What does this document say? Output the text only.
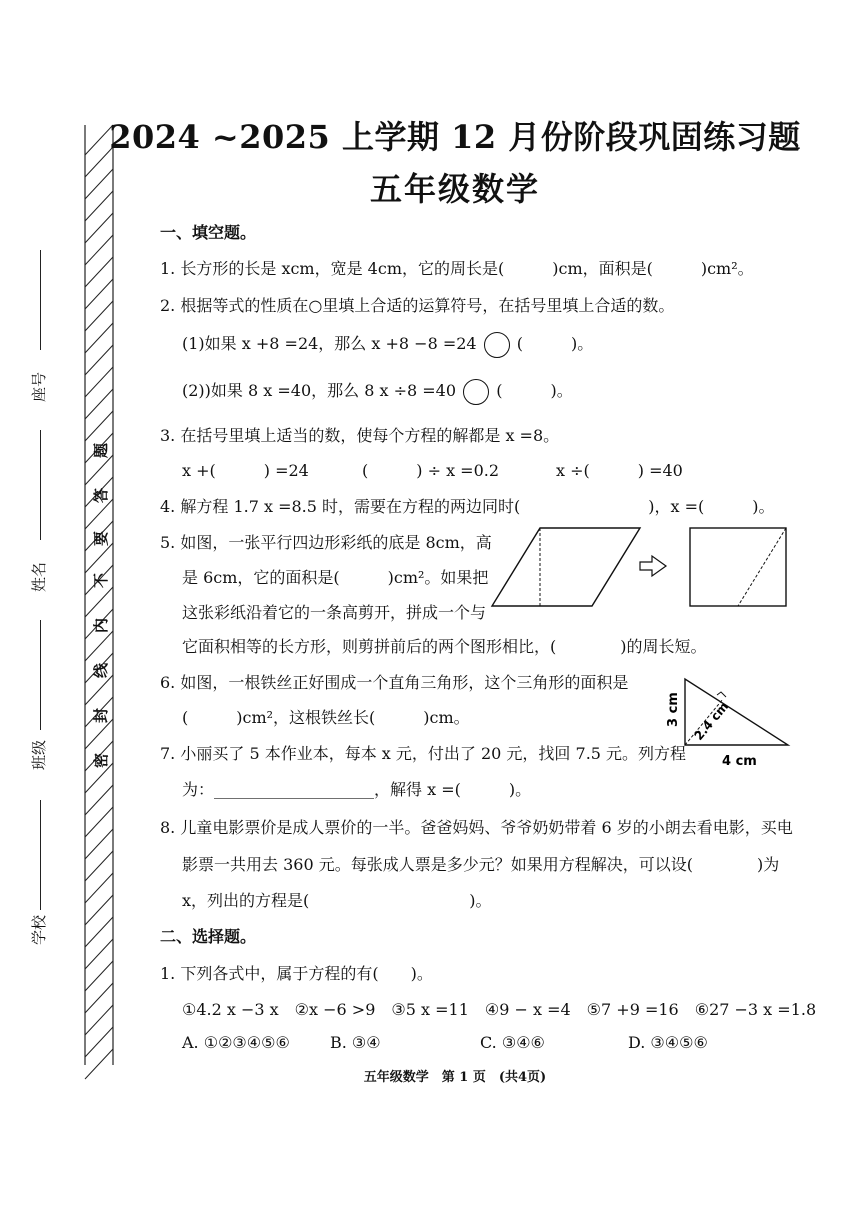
座号
姓名
班级
学校
题
答
要
不
内
线
封
密
2024 ~2025 上学期 12 月份阶段巩固练习题
五年级数学
一、填空题。
1. 长方形的长是 xcm，宽是 4cm，它的周长是(　　　)cm，面积是(　　　)cm²。
2. 根据等式的性质在○里填上合适的运算符号，在括号里填上合适的数。
(1)如果 x +8 =24，那么 x +8 −8 =24	(　　　)。
(2))如果 8 x =40，那么 8 x ÷8 =40	(　　　)。
3. 在括号里填上适当的数，使每个方程的解都是 x =8。
x +(　　　) =24	(　　　) ÷ x =0.2	x ÷(　　　) =40
4. 解方程 1.7 x =8.5 时，需要在方程的两边同时(　　　　　　　　)，x =(　　　)。
5. 如图，一张平行四边形彩纸的底是 8cm，高
是 6cm，它的面积是(　　　)cm²。如果把
这张彩纸沿着它的一条高剪开，拼成一个与
它面积相等的长方形，则剪拼前后的两个图形相比，(　　　　)的周长短。
6. 如图，一根铁丝正好围成一个直角三角形，这个三角形的面积是
(　　　)cm²，这根铁丝长(　　　)cm。	3 cm
4 cm
2.4 cm
7. 小丽买了 5 本作业本，每本 x 元，付出了 20 元，找回 7.5 元。列方程
为：____________________，解得 x =(　　　)。
8. 儿童电影票价是成人票价的一半。爸爸妈妈、爷爷奶奶带着 6 岁的小朗去看电影，买电
影票一共用去 360 元。每张成人票是多少元？如果用方程解决，可以设(　　　　)为
x，列出的方程是(　　　　　　　　　　)。
二、选择题。
1. 下列各式中，属于方程的有(　　)。
①4.2 x −3 x　②x −6 >9　③5 x =11　④9 − x =4　⑤7 +9 =16　⑥27 −3 x =1.8
A. ①②③④⑤⑥	B. ③④	C. ③④⑥	D. ③④⑤⑥
五年级数学　第 1 页　(共4页)
